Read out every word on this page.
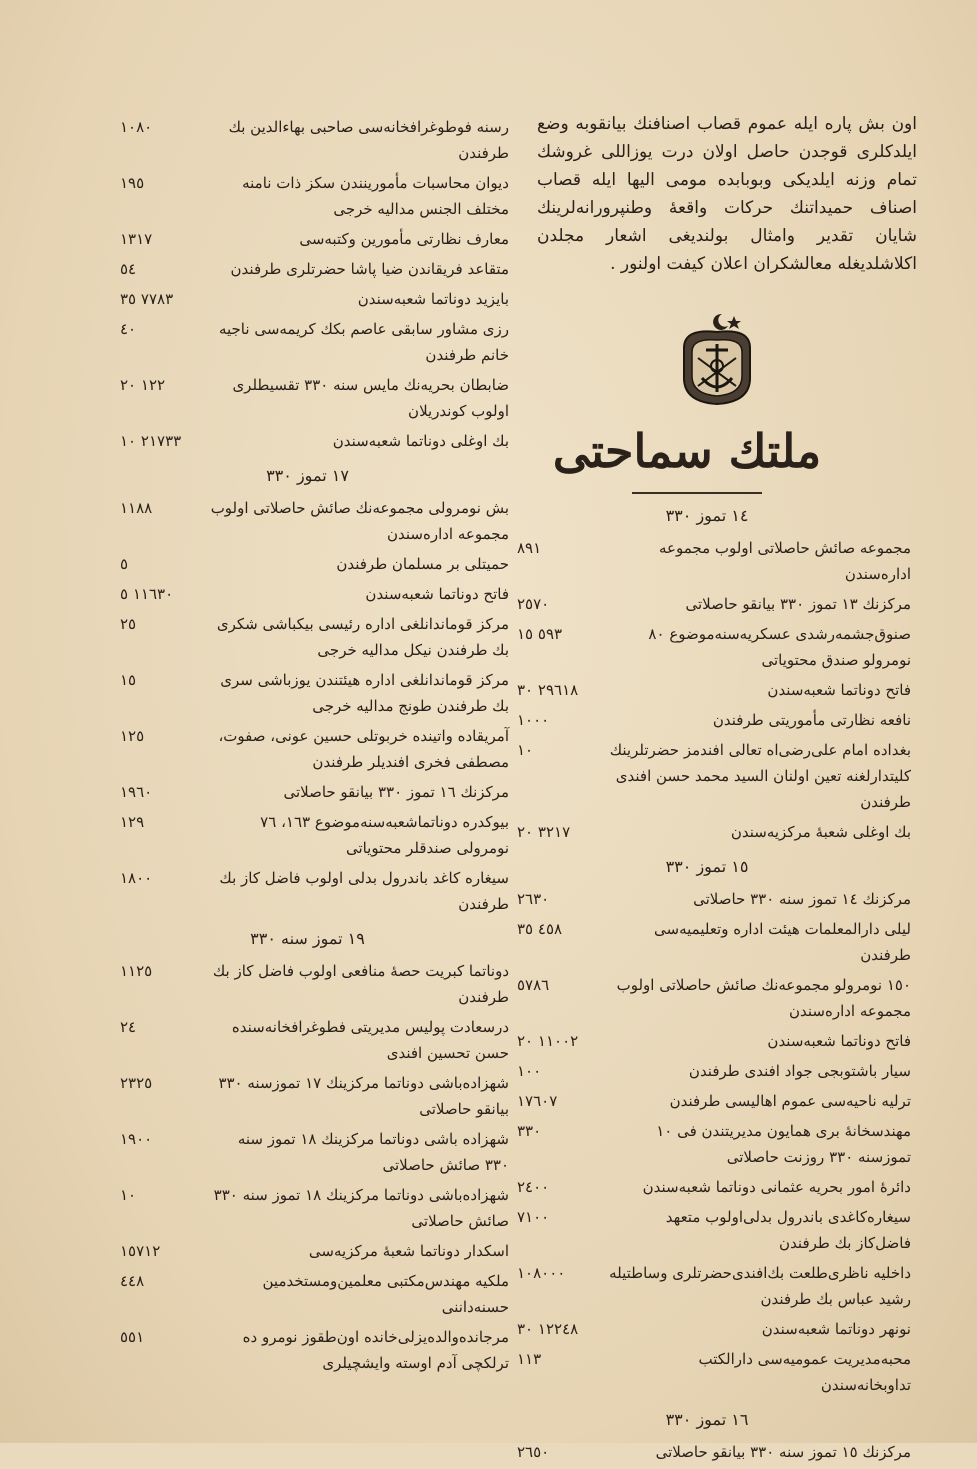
اون بش پاره ایله عموم قصاب اصنافنك بیانقوبه وضع ایلدكلری قوجدن حاصل اولان درت یوزاللی غروشك تمام وزنه ایلدیکی وبوبابده مومی الیها ایله قصاب اصناف حمیداتنك حرکات واقعهٔ وطنپرورانه‌لرینك شایان تقدیر وامثال بولندیغی اشعار مجلدن اكلاشلدیغله معالشكران اعلان كیفت اولنور .

ملتك سماحتی
١٤ تموز ٣٣٠
مجموعه صائش حاصلاتی اولوب مجموعه اداره‌سندن
٨٩١
مرکزنك ١٣ تموز ٣٣٠ بیانقو حاصلاتی
٢٥٧٠
صنوق‌جشمه‌رشدی‌ عسکریه‌سنه‌موضوع ٨٠ نومرولو صندق محتویاتی
٥٩٣ ١٥
فاتح دوناتما شعبه‌سندن
٢٩٦١٨ ٣٠
نافعه نظارتی مأموریتی طرفندن
١٠٠٠
بغداده امام علی‌رضی‌اه تعالی افندمز حضرتلرینك كلیتدارلغنه تعین اولنان السید محمد حسن افندی طرفندن
١٠
بك اوغلی شعبهٔ مرکزیه‌سندن
٣٢١٧ ٢٠
١٥ تموز ٣٣٠
مرکزنك ١٤ تموز سنه ٣٣٠ حاصلاتی
٢٦٣٠
لیلی دارالمعلمات هیئت اداره وتعلیمیه‌سی طرفندن
٤٥٨ ٣٥
١٥٠ نومرولو مجموعه‌نك صائش حاصلاتی اولوب مجموعه اداره‌سندن
٥٧٨٦
فاتح دوناتما شعبه‌سندن
١١٠٠٢ ٢٠
سیار باشتوبجی جواد افندی طرفندن
١٠٠
ترلیه ناحیه‌سی عموم اهالیسی طرفندن
١٧٦٠٧
مهندسخانهٔ بری همایون مدیریتندن فی ١٠ تموزسنه ٣٣٠ روزنت حاصلاتی
٣٣٠
دائرهٔ امور بحریه عثمانی دوناتما شعبه‌سندن
٢٤٠٠
سیغاره‌كاغدی باندرول بدلی‌اولوب متعهد فاضل‌كاز بك طرفندن
٧١٠٠
داخلیه ناظری‌طلعت بك‌افندی‌حضرتلری وساطتیله رشید عباس بك طرفندن
١٠٨٠٠٠
نونهر دوناتما شعبه‌سندن
١٢٢٤٨ ٣٠
محبه‌مدیریت عمومیه‌سی دارالكتب تداوبخانه‌سندن
١١٣
١٦ تموز ٣٣٠
مرکزنك ١٥ تموز سنه ٣٣٠ بیانقو حاصلاتی
٢٦٥٠
رسنه فوطوغرافخانه‌سی صاحبی بهاءالدین بك طرفندن
١٠٨٠
دیوان محاسبات مأمورینندن سكز ذات نامنه مختلف الجنس مداليه خرجی
١٩٥
معارف نظارتی مأمورین وكتبه‌سی
١٣١٧
متقاعد فریقاندن ضیا پاشا حضرتلری طرفندن
٥٤
بایزید دوناتما شعبه‌سندن
٧٧٨٣ ٣٥
رزی مشاور سابقی عاصم بكك كریمه‌سی ناجیه خانم طرفندن
٤٠
ضابطان بحریه‌نك مایس سنه ٣٣٠ تقسیطلری اولوب كوندریلان
١٢٢ ٢٠
بك اوغلی دوناتما شعبه‌سندن
٢١٧٣٣ ١٠
١٧ تموز ٣٣٠
بش نومرولی مجموعه‌نك صائش حاصلاتی اولوب مجموعه اداره‌سندن
١١٨٨
حمیتلی بر مسلمان طرفندن
٥
فاتح دوناتما شعبه‌سندن
١١٦٣٠ ٥
مرکز قوماندانلغی اداره رئیسی بیكباشی شكری بك طرفندن نیكل مداليه خرجی
٢٥
مرکز قوماندانلغی اداره هیئتندن یوزباشی سری بك طرفندن طونج مداليه خرجی
١٥
آمریقاده واتینده خربوتلی حسین عونی، صفوت، مصطفی فخری افندیلر طرفندن
١٢٥
مرکزنك ١٦ تموز ٣٣٠ بیانقو حاصلاتی
١٩٦٠
بیوكدره دوناتما‌شعبه‌سنه‌موضوع ١٦٣، ٧٦ نومرولی صندقلر محتویاتی
١٢٩
سیغاره كاغد باندرول بدلی اولوب فاضل كاز بك طرفندن
١٨٠٠
١٩ تموز سنه ٣٣٠
دوناتما كبریت حصهٔ منافعی اولوب فاضل كاز بك طرفندن
١١٢٥
درسعادت پولیس مدیریتی فطوغرافخانه‌سنده حسن تحسین افندی
٢٤
شهزاده‌باشی دوناتما مرکزینك ١٧ تموزسنه ٣٣٠ بیانقو حاصلاتی
٢٣٢٥
شهزاده باشی دوناتما مرکزینك ١٨ تموز سنه ٣٣٠ صائش حاصلاتی
١٩٠٠
شهزاده‌باشی دوناتما مرکزینك ١٨ تموز سنه ٣٣٠ صائش حاصلاتی
١٠
اسكدار دوناتما شعبهٔ مرکزیه‌سی
١٥٧١٢
ملكیه مهندس‌مكتبی معلمین‌ومستخدمین حسنه‌داننی
٤٤٨
مرجانده‌والده‌یزلی‌خانده اون‌طقوز نومرو ده ترلكچی آدم اوسته وایشچیلری
٥٥١
